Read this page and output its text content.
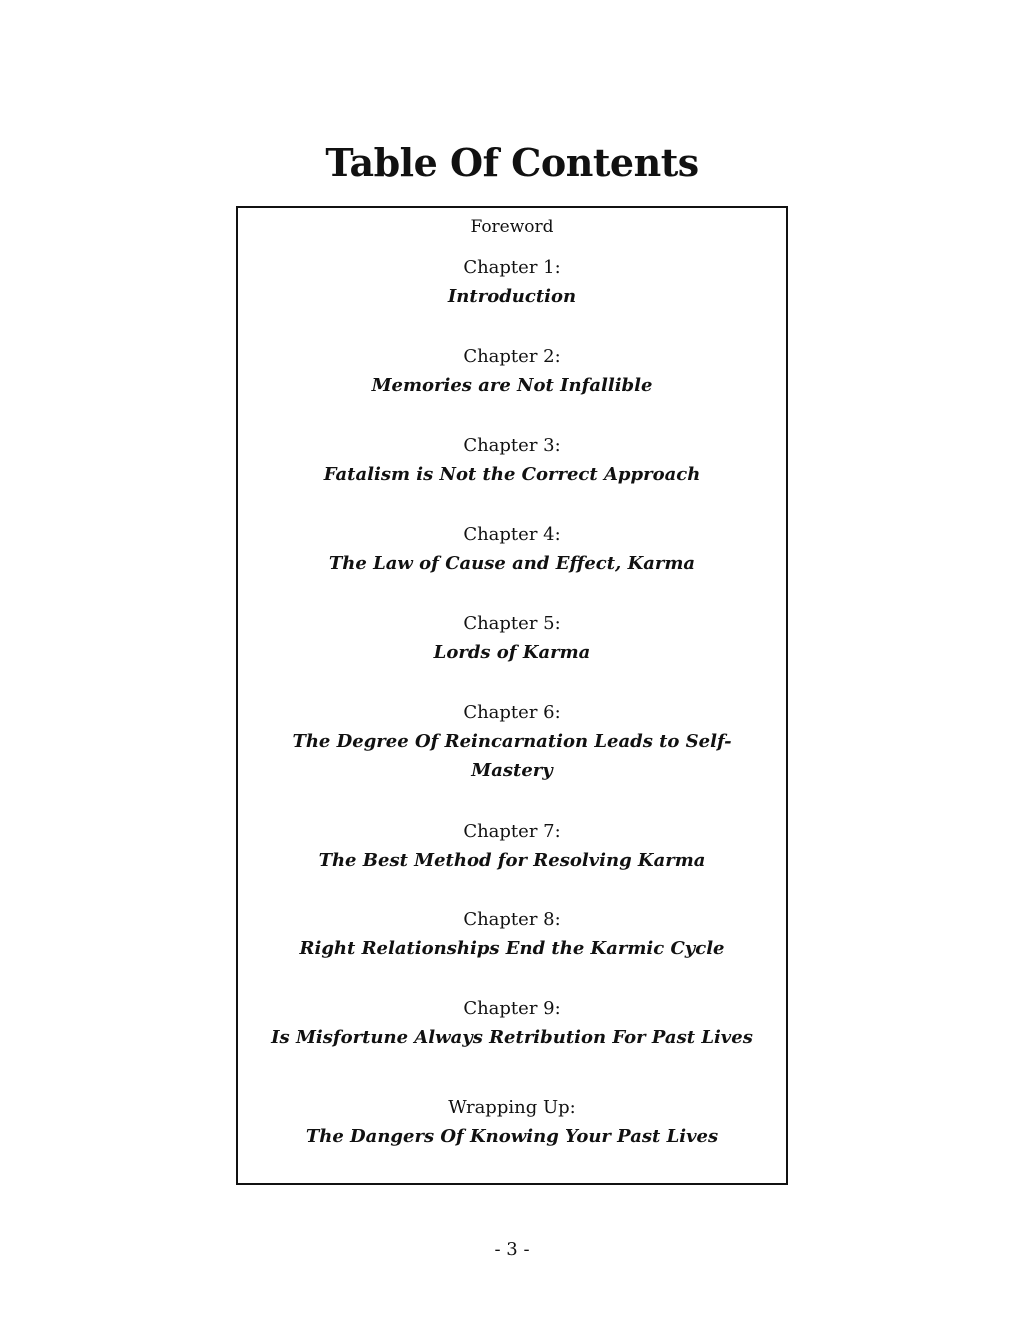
Table Of Contents
Foreword
Chapter 1:
Introduction
Chapter 2:
Memories are Not Infallible
Chapter 3:
Fatalism is Not the Correct Approach
Chapter 4:
The Law of Cause and Effect, Karma
Chapter 5:
Lords of Karma
Chapter 6:
The Degree Of Reincarnation Leads to Self-Mastery
Chapter 7:
The Best Method for Resolving Karma
Chapter 8:
Right Relationships End the Karmic Cycle
Chapter 9:
Is Misfortune Always Retribution For Past Lives
Wrapping Up:
The Dangers Of Knowing Your Past Lives
- 3 -
